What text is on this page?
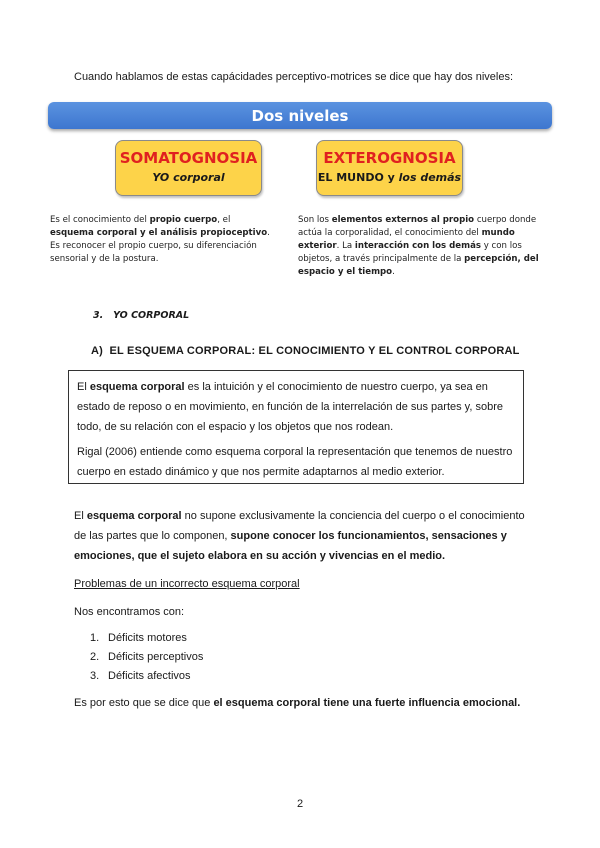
Cuando hablamos de estas capácidades perceptivo-motrices se dice que hay dos niveles:
Dos niveles
SOMATOGNOSIA
YO corporal
EXTEROGNOSIA
EL MUNDO y los demás
Es el conocimiento del propio cuerpo, el esquema corporal y el análisis propioceptivo. Es reconocer el propio cuerpo, su diferenciación sensorial y de la postura.
Son los elementos externos al propio cuerpo donde actúa la corporalidad, el conocimiento del mundo exterior. La interacción con los demás y con los objetos, a través principalmente de la percepción, del espacio y el tiempo.
3.   YO CORPORAL
A)  EL ESQUEMA CORPORAL: EL CONOCIMIENTO Y EL CONTROL CORPORAL

El esquema corporal es la intuición y el conocimiento de nuestro cuerpo, ya sea en estado de reposo o en movimiento, en función de la interrelación de sus partes y, sobre todo, de su relación con el espacio y los objetos que nos rodean.

Rigal (2006) entiende como esquema corporal la representación que tenemos de nuestro cuerpo en estado dinámico y que nos permite adaptarnos al medio exterior.

El esquema corporal no supone exclusivamente la conciencia del cuerpo o el conocimiento de las partes que lo componen, supone conocer los funcionamientos, sensaciones y emociones, que el sujeto elabora en su acción y vivencias en el medio.
Problemas de un incorrecto esquema corporal
Nos encontramos con:
1. Déficits motores
2. Déficits perceptivos
3. Déficits afectivos
Es por esto que se dice que el esquema corporal tiene una fuerte influencia emocional.
2
